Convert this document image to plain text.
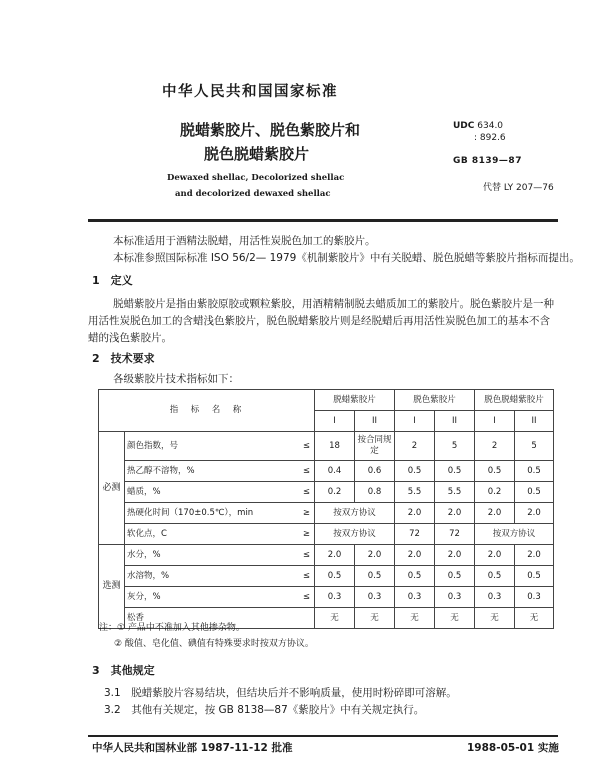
中华人民共和国国家标准
脱蜡紫胶片、脱色紫胶片和
脱色脱蜡紫胶片
Dewaxed shellac, Decolorized shellac
and decolorized dewaxed shellac
UDC 634.0
: 892.6
GB 8139—87
代替 LY 207—76
本标准适用于酒精法脱蜡，用活性炭脱色加工的紫胶片。
本标准参照国际标准 ISO 56/2— 1979《机制紫胶片》中有关脱蜡、脱色脱蜡等紫胶片指标而提出。
1　定义
脱蜡紫胶片是指由紫胶原胶或颗粒紫胶，用酒精精制脱去蜡质加工的紫胶片。脱色紫胶片是一种用活性炭脱色加工的含蜡浅色紫胶片，脱色脱蜡紫胶片则是经脱蜡后再用活性炭脱色加工的基本不含蜡的浅色紫胶片。
2　技术要求
各级紫胶片技术指标如下：
指　标　名　称			脱蜡紫胶片		脱色紫胶片		脱色脱蜡紫胶片	
			I	II	I	II	I	II
必测	颜色指数，号	≤	18	按合同规定	2	5	2	5
	热乙醇不溶物，%	≤	0.4	0.6	0.5	0.5	0.5	0.5
	蜡质，%	≤	0.2	0.8	5.5	5.5	0.2	0.5
	热硬化时间（170±0.5℃），min	≥	按双方协议		2.0	2.0	2.0	2.0
	软化点，C	≥	按双方协议		72	72	按双方协议	
选测	水分，%	≤	2.0	2.0	2.0	2.0	2.0	2.0
	水溶物，%	≤	0.5	0.5	0.5	0.5	0.5	0.5
	灰分，%	≤	0.3	0.3	0.3	0.3	0.3	0.3
	松香		无	无	无	无	无	无
注：① 产品中不准加入其他掺杂物。
② 酸值、皂化值、碘值有特殊要求时按双方协议。
3　其他规定
3.1　脱蜡紫胶片容易结块，但结块后并不影响质量，使用时粉碎即可溶解。
3.2　其他有关规定，按 GB 8138—87《紫胶片》中有关规定执行。
中华人民共和国林业部 1987-11-12 批准	1988-05-01 实施
